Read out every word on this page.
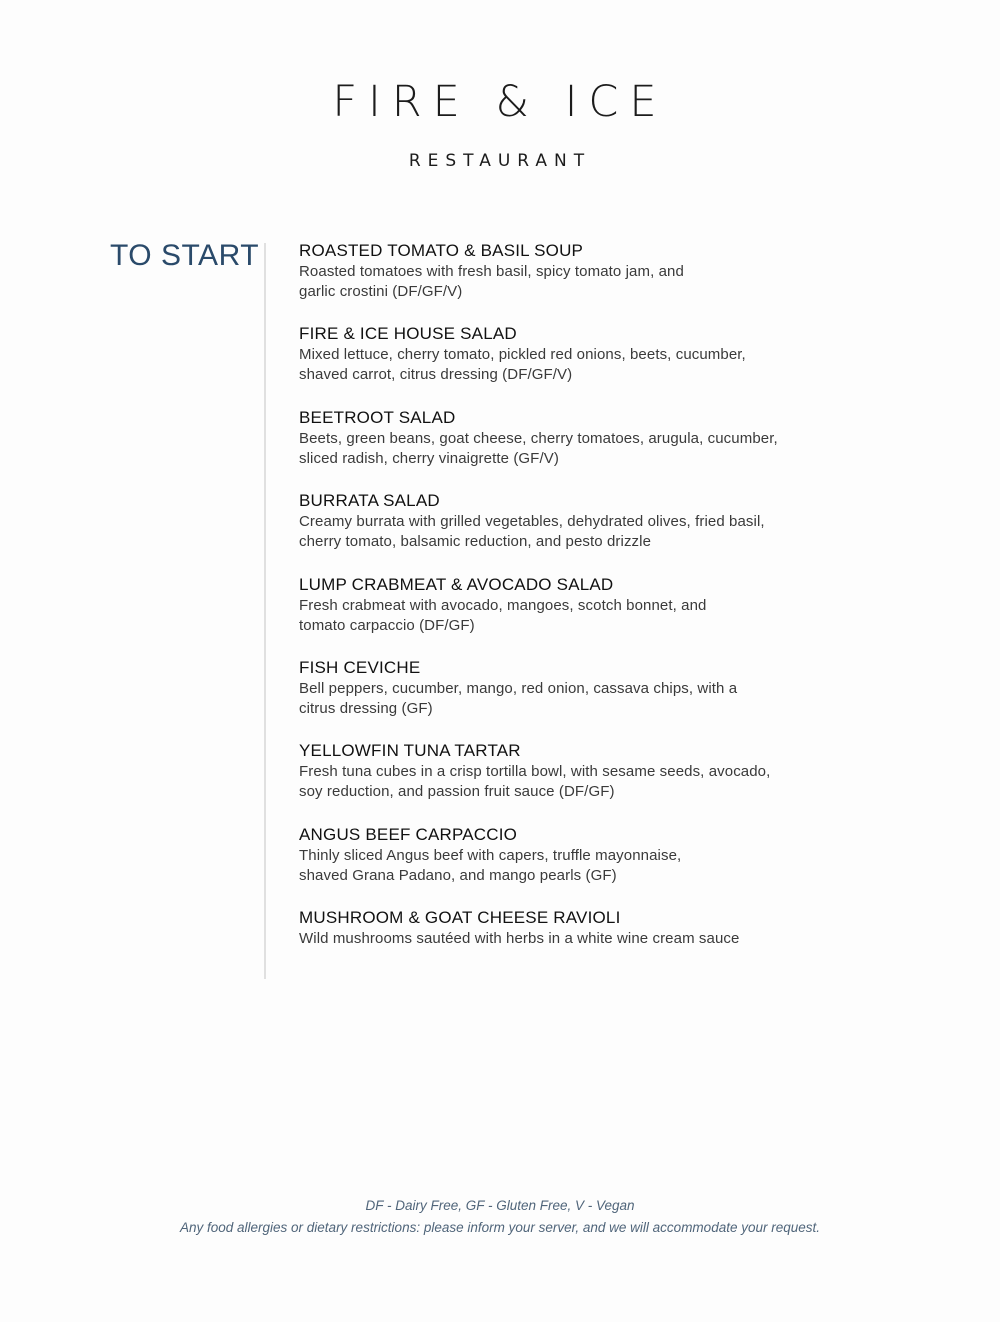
FIRE & ICE
RESTAURANT
TO START ROASTED TOMATO & BASIL SOUP
Roasted tomatoes with fresh basil, spicy tomato jam, and
garlic crostini (DF/GF/V)
FIRE & ICE HOUSE SALAD
Mixed lettuce, cherry tomato, pickled red onions, beets, cucumber,
shaved carrot, citrus dressing (DF/GF/V)
BEETROOT SALAD
Beets, green beans, goat cheese, cherry tomatoes, arugula, cucumber,
sliced radish, cherry vinaigrette (GF/V)
BURRATA SALAD
Creamy burrata with grilled vegetables, dehydrated olives, fried basil,
cherry tomato, balsamic reduction, and pesto drizzle
LUMP CRABMEAT & AVOCADO SALAD
Fresh crabmeat with avocado, mangoes, scotch bonnet, and
tomato carpaccio (DF/GF)
FISH CEVICHE
Bell peppers, cucumber, mango, red onion, cassava chips, with a
citrus dressing (GF)
YELLOWFIN TUNA TARTAR
Fresh tuna cubes in a crisp tortilla bowl, with sesame seeds, avocado,
soy reduction, and passion fruit sauce (DF/GF)
ANGUS BEEF CARPACCIO
Thinly sliced Angus beef with capers, truffle mayonnaise,
shaved Grana Padano, and mango pearls (GF)
MUSHROOM & GOAT CHEESE RAVIOLI
Wild mushrooms sautéed with herbs in a white wine cream sauce
DF - Dairy Free, GF - Gluten Free, V - Vegan
Any food allergies or dietary restrictions: please inform your server, and we will accommodate your request.
